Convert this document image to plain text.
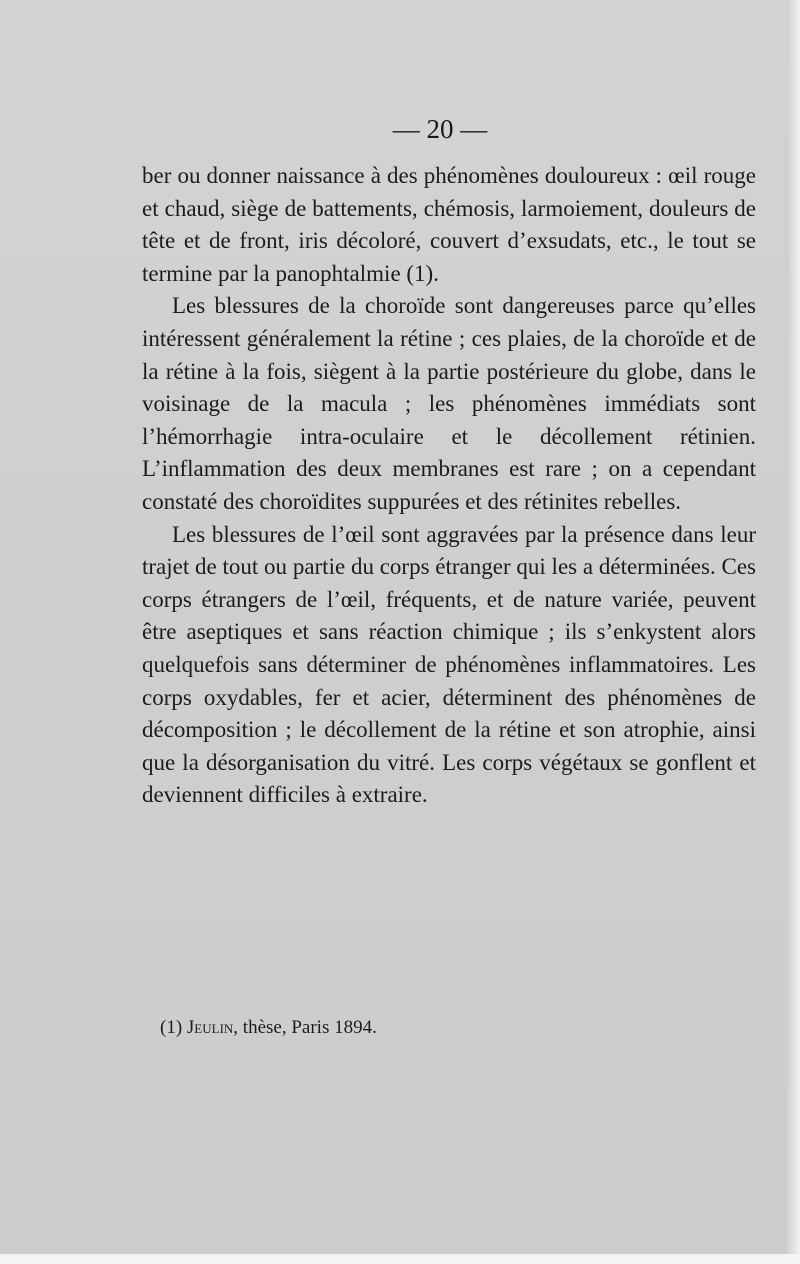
— 20 —

ber ou donner naissance à des phénomènes douloureux : œil rouge et chaud, siège de battements, chémosis, larmoiement, douleurs de tête et de front, iris décoloré, couvert d’exsudats, etc., le tout se termine par la panophtalmie (1).

Les blessures de la choroïde sont dangereuses parce qu’elles intéressent généralement la rétine ; ces plaies, de la choroïde et de la rétine à la fois, siègent à la partie postérieure du globe, dans le voisinage de la macula ; les phénomènes immédiats sont l’hémorrhagie intra-oculaire et le décollement rétinien. L’inflammation des deux membranes est rare ; on a cependant constaté des choroïdites suppurées et des rétinites rebelles.

Les blessures de l’œil sont aggravées par la présence dans leur trajet de tout ou partie du corps étranger qui les a déterminées. Ces corps étrangers de l’œil, fréquents, et de nature variée, peuvent être aseptiques et sans réaction chimique ; ils s’enkystent alors quelquefois sans déterminer de phénomènes inflammatoires. Les corps oxydables, fer et acier, déterminent des phénomènes de décomposition ; le décollement de la rétine et son atrophie, ainsi que la désorganisation du vitré. Les corps végétaux se gonflent et deviennent difficiles à extraire.

(1) Jeulin, thèse, Paris 1894.
